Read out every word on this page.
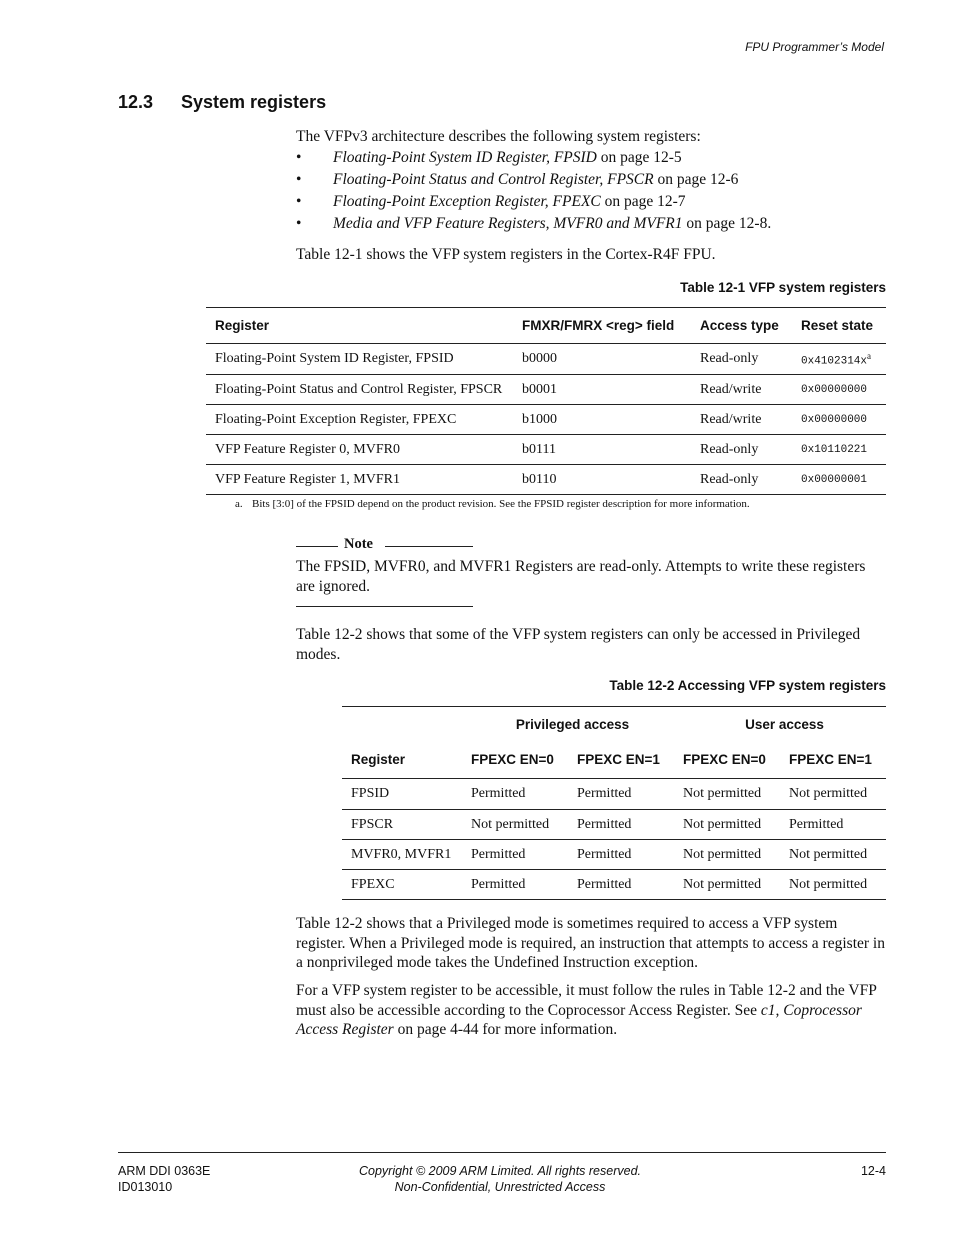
FPU Programmer’s Model
12.3 System registers
The VFPv3 architecture describes the following system registers:
• Floating-Point System ID Register, FPSID on page 12-5
• Floating-Point Status and Control Register, FPSCR on page 12-6
• Floating-Point Exception Register, FPEXC on page 12-7
• Media and VFP Feature Registers, MVFR0 and MVFR1 on page 12-8.
Table 12-1 shows the VFP system registers in the Cortex-R4F FPU.
Table 12-1 VFP system registers
Register	FMXR/FMRX <reg> field	Access type	Reset state
Floating-Point System ID Register, FPSID	b0000	Read-only	$0x4102314x^a$
Floating-Point Status and Control Register, FPSCR	b0001	Read/write	0x00000000
Floating-Point Exception Register, FPEXC	b1000	Read/write	0x00000000
VFP Feature Register 0, MVFR0	b0111	Read-only	0x10110221
VFP Feature Register 1, MVFR1	b0110	Read-only	0x00000001
a. Bits [3:0] of the FPSID depend on the product revision. See the FPSID register description for more information.
Note
The FPSID, MVFR0, and MVFR1 Registers are read-only. Attempts to write these registers are ignored.
Table 12-2 shows that some of the VFP system registers can only be accessed in Privileged modes.
Table 12-2 Accessing VFP system registers
	Privileged access		User access	
Register	FPEXC EN=0	FPEXC EN=1	FPEXC EN=0	FPEXC EN=1
FPSID	Permitted	Permitted	Not permitted	Not permitted
FPSCR	Not permitted	Permitted	Not permitted	Permitted
MVFR0, MVFR1	Permitted	Permitted	Not permitted	Not permitted
FPEXC	Permitted	Permitted	Not permitted	Not permitted
Table 12-2 shows that a Privileged mode is sometimes required to access a VFP system register. When a Privileged mode is required, an instruction that attempts to access a register in a nonprivileged mode takes the Undefined Instruction exception.
For a VFP system register to be accessible, it must follow the rules in Table 12-2 and the VFP must also be accessible according to the Coprocessor Access Register. See c1, Coprocessor Access Register on page 4-44 for more information.
ARM DDI 0363E
ID013010
Copyright © 2009 ARM Limited. All rights reserved.
Non-Confidential, Unrestricted Access
12-4
